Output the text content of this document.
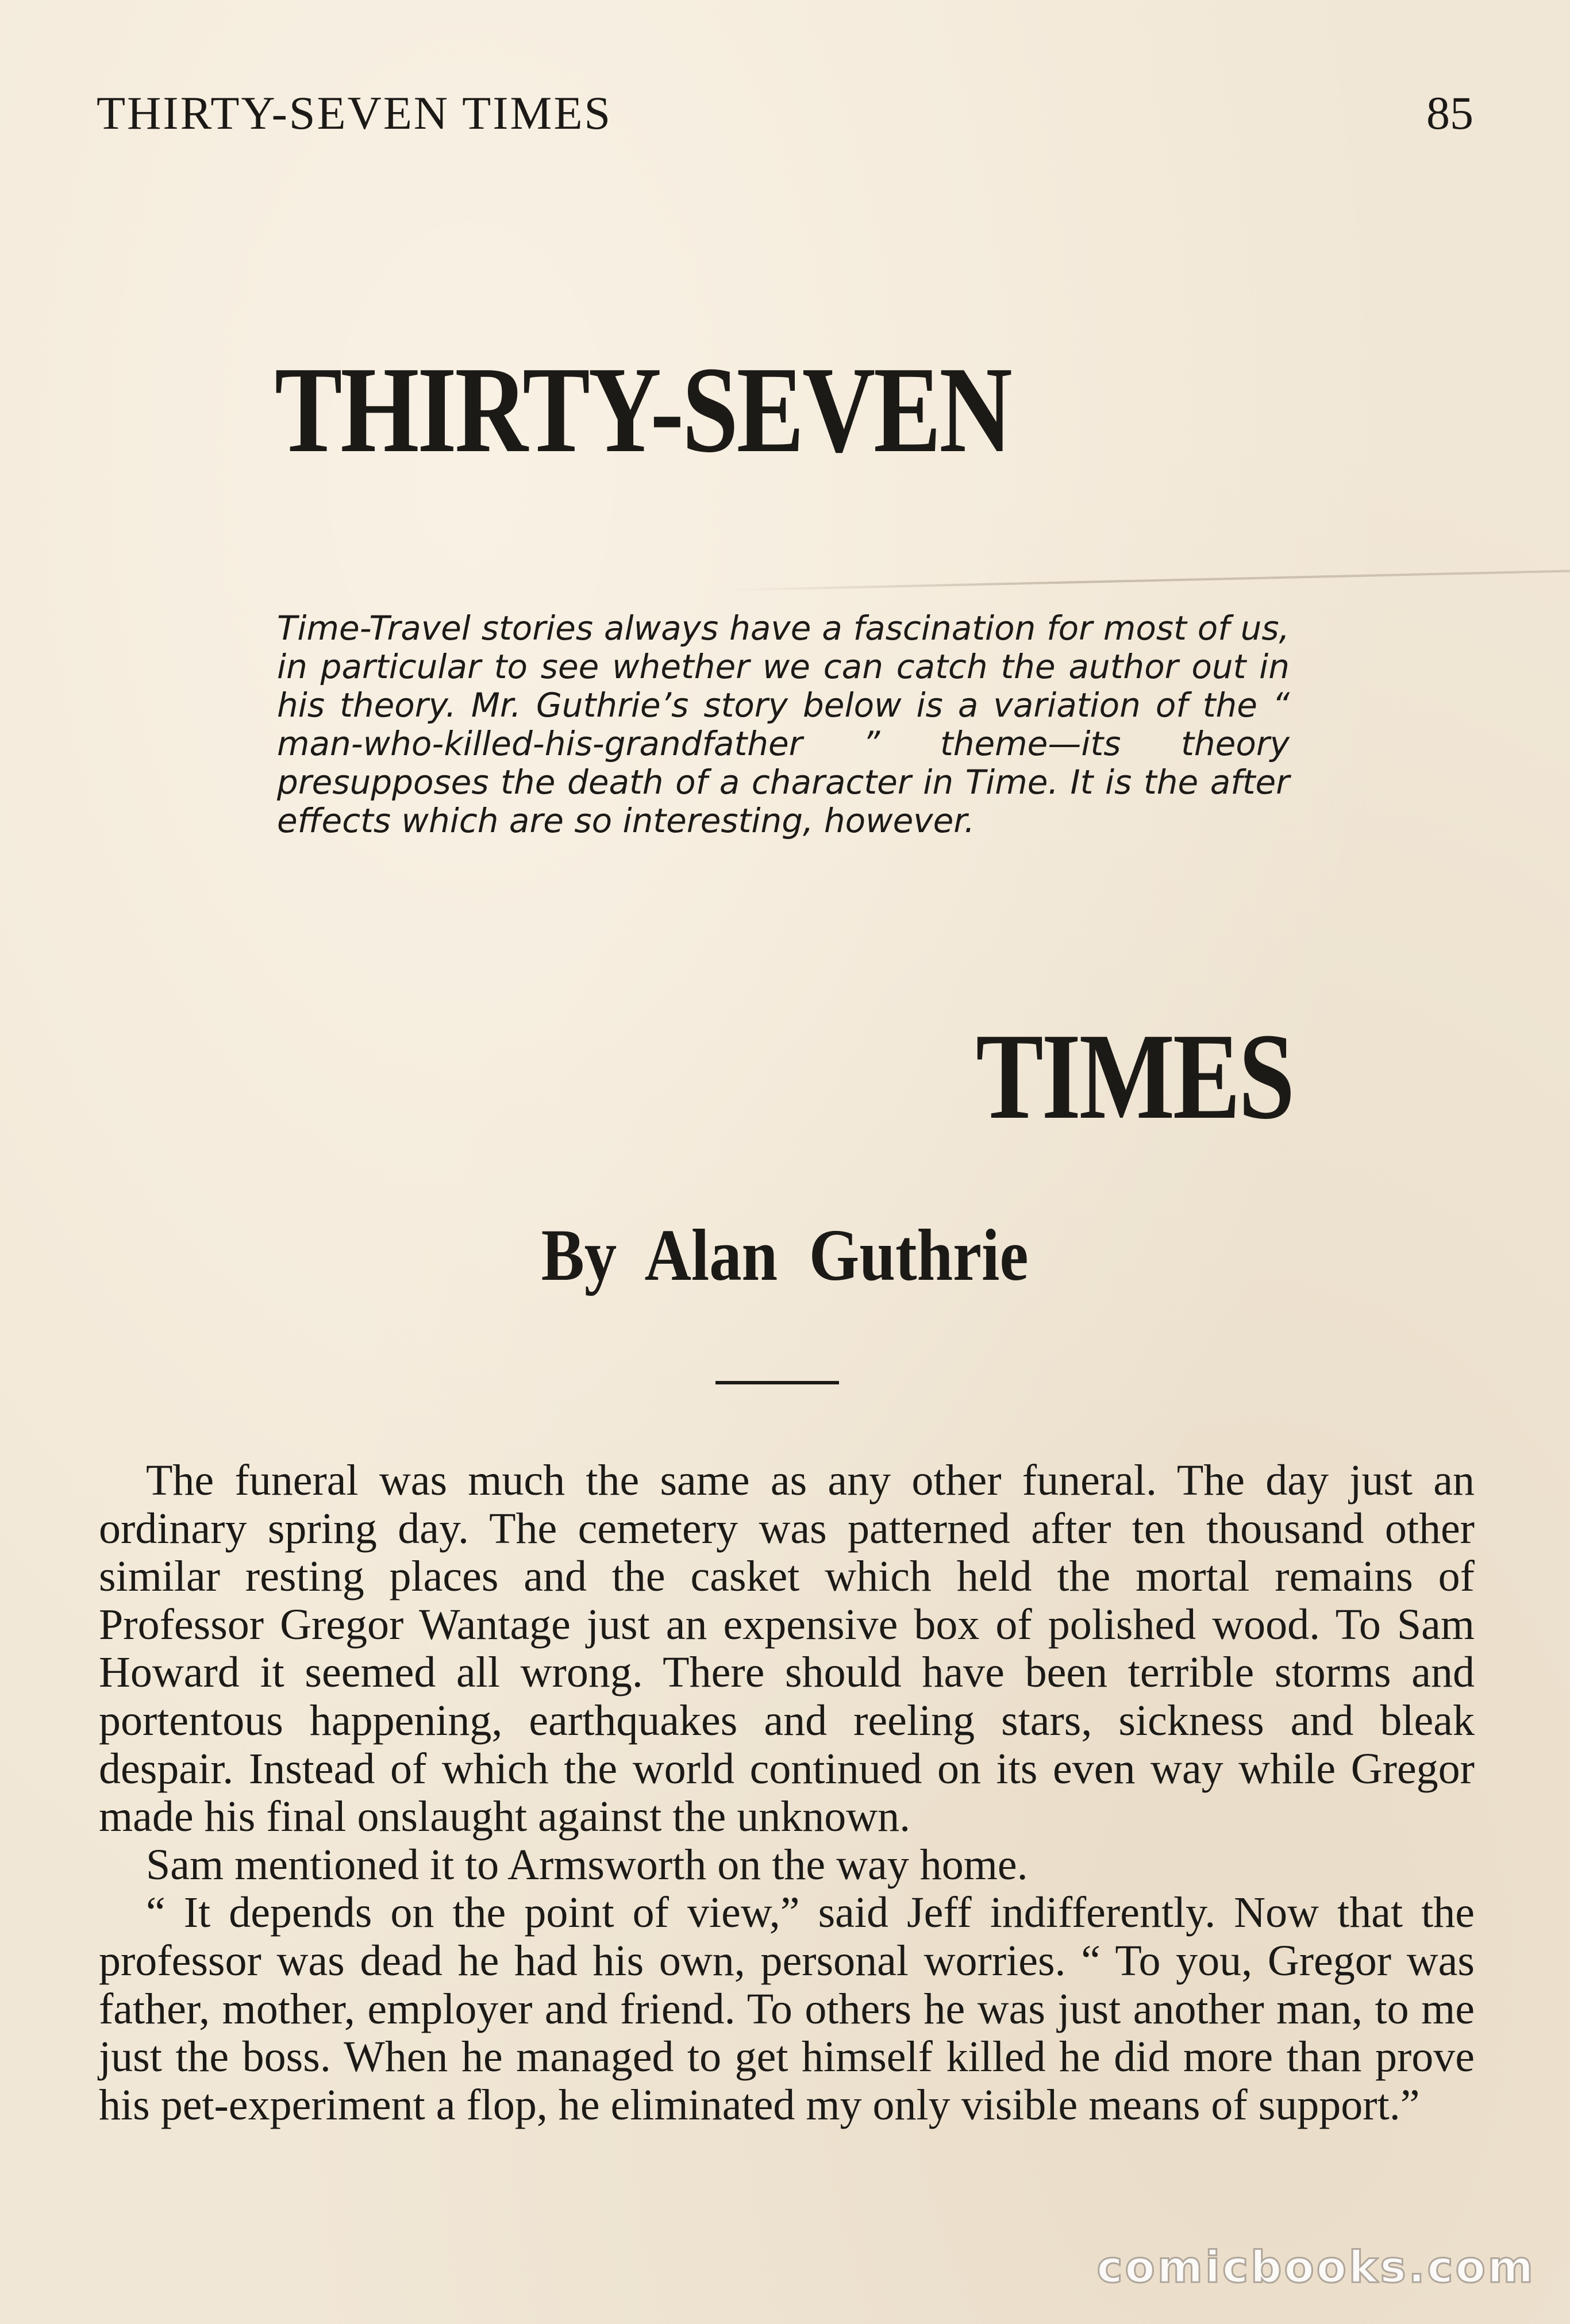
THIRTY-SEVEN TIMES	85
THIRTY-SEVEN
Time-Travel stories always have a fascination for most of us, in particular to see whether we can catch the author out in his theory. Mr. Guthrie’s story below is a variation of the “ man-who-killed-his-grandfather ” theme—its theory presupposes the death of a character in Time. It is the after effects which are so interesting, however.
TIMES
By Alan Guthrie

The funeral was much the same as any other funeral. The day just an ordinary spring day. The cemetery was patterned after ten thousand other similar resting places and the casket which held the mortal remains of Professor Gregor Wantage just an expensive box of polished wood. To Sam Howard it seemed all wrong. There should have been terrible storms and portentous happening, earthquakes and reeling stars, sickness and bleak despair. Instead of which the world continued on its even way while Gregor made his final onslaught against the unknown.

Sam mentioned it to Armsworth on the way home.

“ It depends on the point of view,” said Jeff indifferently. Now that the professor was dead he had his own, personal worries. “ To you, Gregor was father, mother, employer and friend. To others he was just another man, to me just the boss. When he managed to get himself killed he did more than prove his pet-experiment a flop, he eliminated my only visible means of support.”

comicbooks.com
